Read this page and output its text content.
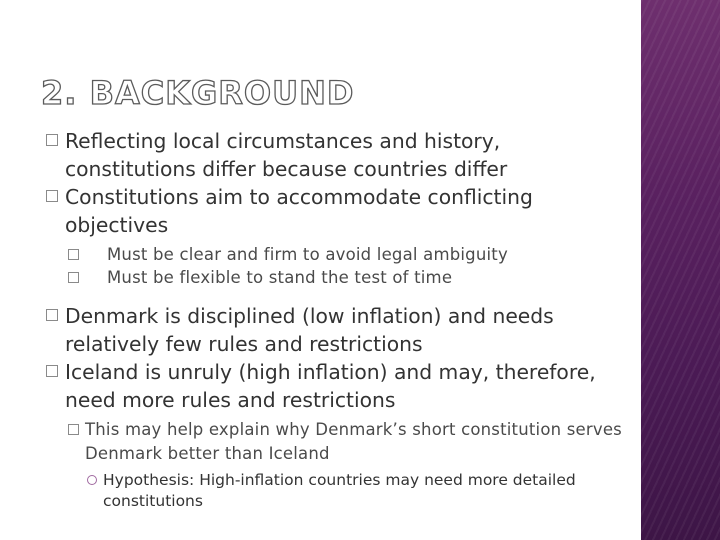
2. BACKGROUND
Reflecting local circumstances and history, constitutions differ because countries differ
Constitutions aim to accommodate conflicting objectives
Must be clear and firm to avoid legal ambiguity
Must be flexible to stand the test of time
Denmark is disciplined (low inflation) and needs relatively few rules and restrictions
Iceland is unruly (high inflation) and may, therefore, need more rules and restrictions
This may help explain why Denmark’s short constitution serves Denmark better than Iceland
Hypothesis: High-inflation countries may need more detailed constitutions
